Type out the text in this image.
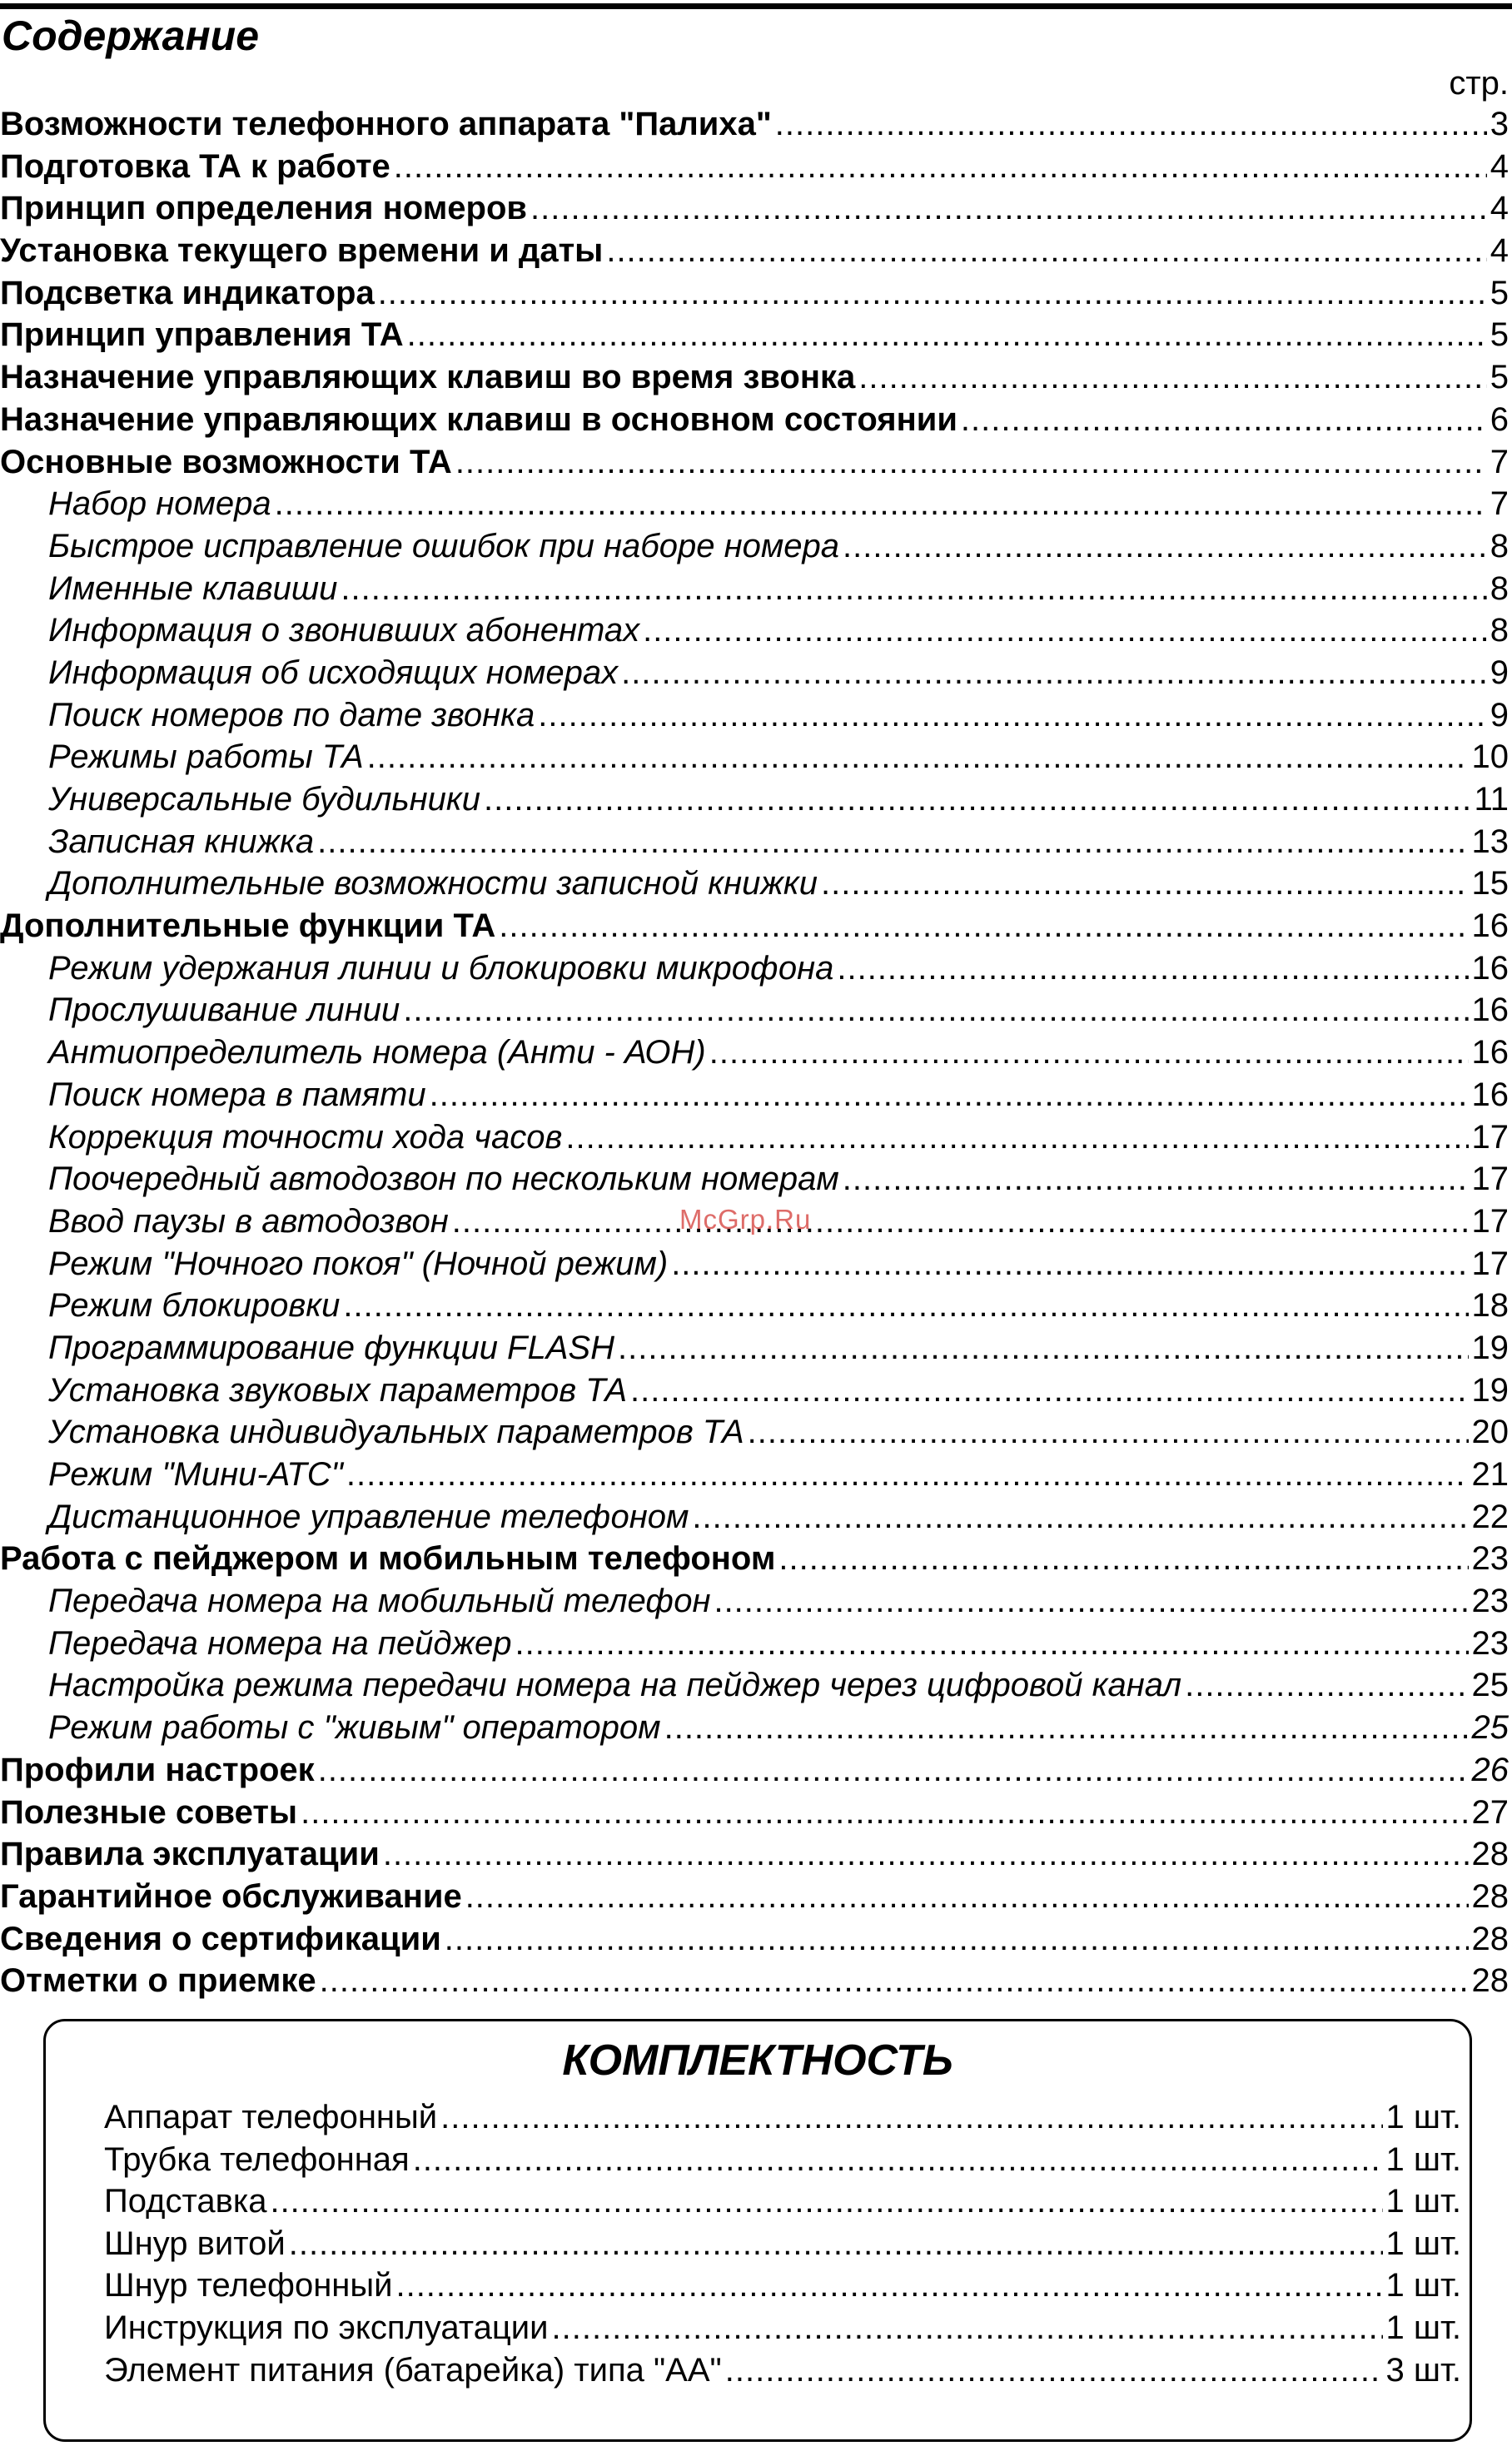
Содержание
стр.
Возможности телефонного аппарата "Палиха" .....	3
Подготовка ТА к работе .....	4
Принцип определения номеров .....	4
Установка текущего времени и даты .....	4
Подсветка индикатора .....	5
Принцип управления ТА .....	5
Назначение управляющих клавиш во время звонка .....	5
Назначение управляющих клавиш в основном состоянии .....	6
Основные возможности ТА .....	7
Набор номера .....	7
Быстрое исправление ошибок при наборе номера .....	8
Именные клавиши .....	8
Информация о звонивших абонентах .....	8
Информация об исходящих номерах .....	9
Поиск номеров по дате звонка .....	9
Режимы работы ТА .....	10
Универсальные будильники .....	11
Записная книжка .....	13
Дополнительные возможности записной книжки .....	15
Дополнительные функции ТА .....	16
Режим удержания линии и блокировки микрофона .....	16
Прослушивание линии .....	16
Антиопределитель номера (Анти - АОН) .....	16
Поиск номера в памяти .....	16
Коррекция точности хода часов .....	17
Поочередный автодозвон по нескольким номерам .....	17
Ввод паузы в автодозвон .....	17
Режим "Ночного покоя" (Ночной режим) .....	17
Режим блокировки .....	18
Программирование функции FLASH .....	19
Установка звуковых параметров ТА .....	19
Установка индивидуальных параметров ТА .....	20
Режим "Мини-АТС" .....	21
Дистанционное управление телефоном .....	22
Работа с пейджером и мобильным телефоном .....	23
Передача номера на мобильный телефон .....	23
Передача номера на пейджер .....	23
Настройка режима передачи номера на пейджер через цифровой канал .....	25
Режим работы с "живым" оператором .....	25
Профили настроек .....	26
Полезные советы .....	27
Правила эксплуатации .....	28
Гарантийное обслуживание .....	28
Сведения о сертификации .....	28
Отметки о приемке .....	28
McGrp.Ru
КОМПЛЕКТНОСТЬ
Аппарат телефонный .....	1 шт.
Трубка телефонная .....	1 шт.
Подставка .....	1 шт.
Шнур витой .....	1 шт.
Шнур телефонный .....	1 шт.
Инструкция по эксплуатации .....	1 шт.
Элемент питания (батарейка) типа "АА" .....	3 шт.
